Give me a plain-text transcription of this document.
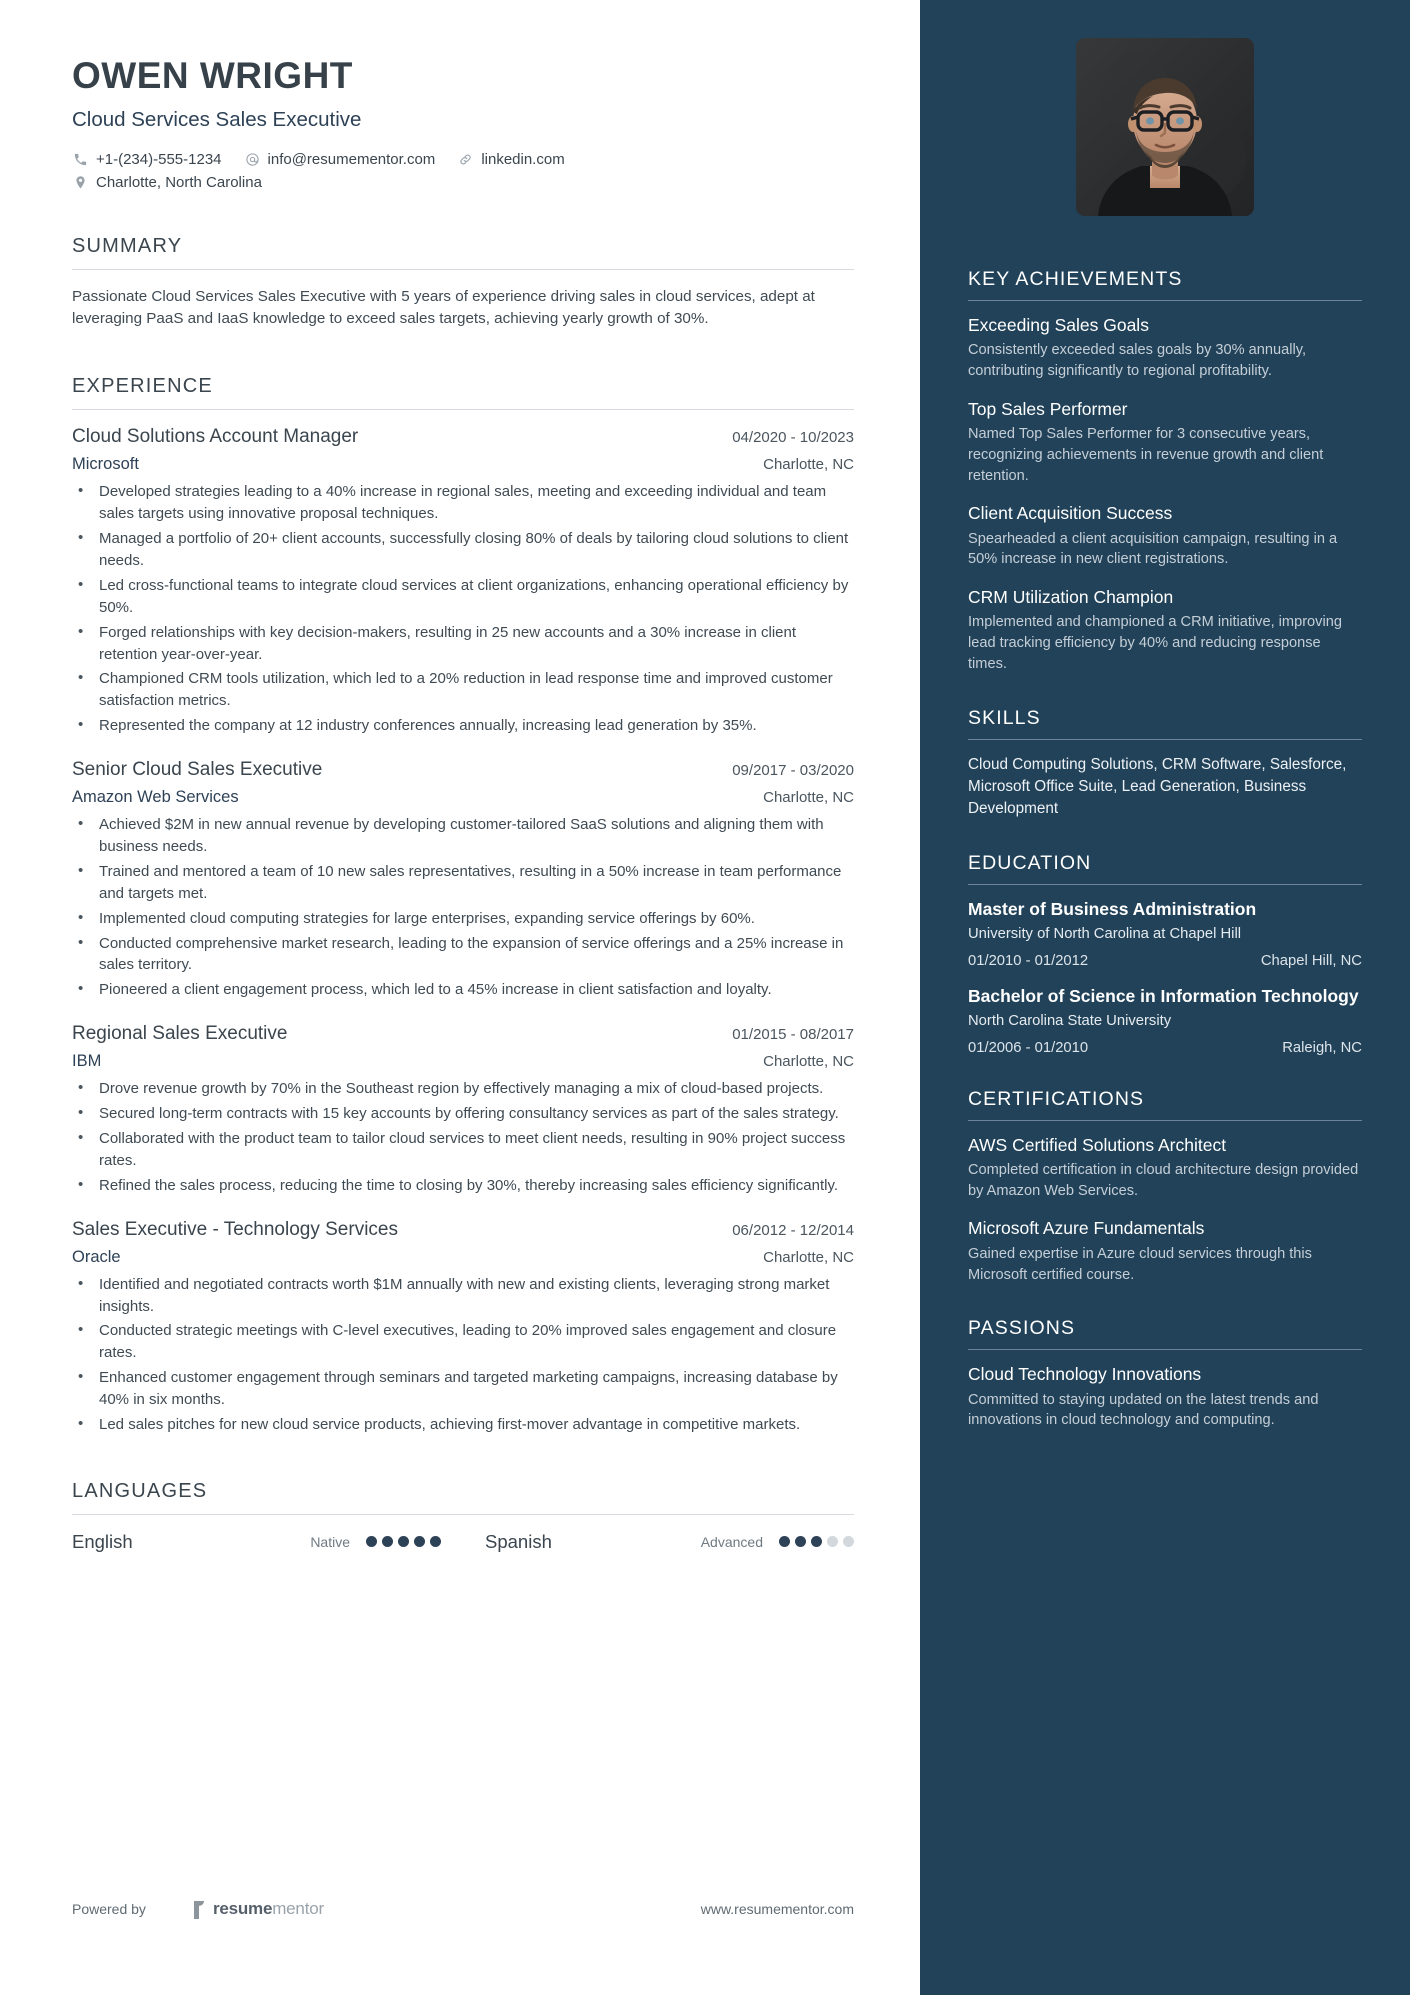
OWEN WRIGHT
Cloud Services Sales Executive
+1-(234)-555-1234	info@resumementor.com	linkedin.com
Charlotte, North Carolina
SUMMARY
Passionate Cloud Services Sales Executive with 5 years of experience driving sales in cloud services, adept at leveraging PaaS and IaaS knowledge to exceed sales targets, achieving yearly growth of 30%.
EXPERIENCE
Cloud Solutions Account Manager	04/2020 - 10/2023
Microsoft	Charlotte, NC
• Developed strategies leading to a 40% increase in regional sales, meeting and exceeding individual and team sales targets using innovative proposal techniques.
• Managed a portfolio of 20+ client accounts, successfully closing 80% of deals by tailoring cloud solutions to client needs.
• Led cross-functional teams to integrate cloud services at client organizations, enhancing operational efficiency by 50%.
• Forged relationships with key decision-makers, resulting in 25 new accounts and a 30% increase in client retention year-over-year.
• Championed CRM tools utilization, which led to a 20% reduction in lead response time and improved customer satisfaction metrics.
• Represented the company at 12 industry conferences annually, increasing lead generation by 35%.
Senior Cloud Sales Executive	09/2017 - 03/2020
Amazon Web Services	Charlotte, NC
• Achieved $2M in new annual revenue by developing customer-tailored SaaS solutions and aligning them with business needs.
• Trained and mentored a team of 10 new sales representatives, resulting in a 50% increase in team performance and targets met.
• Implemented cloud computing strategies for large enterprises, expanding service offerings by 60%.
• Conducted comprehensive market research, leading to the expansion of service offerings and a 25% increase in sales territory.
• Pioneered a client engagement process, which led to a 45% increase in client satisfaction and loyalty.
Regional Sales Executive	01/2015 - 08/2017
IBM	Charlotte, NC
• Drove revenue growth by 70% in the Southeast region by effectively managing a mix of cloud-based projects.
• Secured long-term contracts with 15 key accounts by offering consultancy services as part of the sales strategy.
• Collaborated with the product team to tailor cloud services to meet client needs, resulting in 90% project success rates.
• Refined the sales process, reducing the time to closing by 30%, thereby increasing sales efficiency significantly.
Sales Executive - Technology Services	06/2012 - 12/2014
Oracle	Charlotte, NC
• Identified and negotiated contracts worth $1M annually with new and existing clients, leveraging strong market insights.
• Conducted strategic meetings with C-level executives, leading to 20% improved sales engagement and closure rates.
• Enhanced customer engagement through seminars and targeted marketing campaigns, increasing database by 40% in six months.
• Led sales pitches for new cloud service products, achieving first-mover advantage in competitive markets.
LANGUAGES
English	Native	Spanish	Advanced
Powered by	resume mentor	www.resumementor.com
KEY ACHIEVEMENTS
Exceeding Sales Goals
Consistently exceeded sales goals by 30% annually, contributing significantly to regional profitability.
Top Sales Performer
Named Top Sales Performer for 3 consecutive years, recognizing achievements in revenue growth and client retention.
Client Acquisition Success
Spearheaded a client acquisition campaign, resulting in a 50% increase in new client registrations.
CRM Utilization Champion
Implemented and championed a CRM initiative, improving lead tracking efficiency by 40% and reducing response times.
SKILLS
Cloud Computing Solutions, CRM Software, Salesforce, Microsoft Office Suite, Lead Generation, Business Development
EDUCATION
Master of Business Administration
University of North Carolina at Chapel Hill
01/2010 - 01/2012	Chapel Hill, NC
Bachelor of Science in Information Technology
North Carolina State University
01/2006 - 01/2010	Raleigh, NC
CERTIFICATIONS
AWS Certified Solutions Architect
Completed certification in cloud architecture design provided by Amazon Web Services.
Microsoft Azure Fundamentals
Gained expertise in Azure cloud services through this Microsoft certified course.
PASSIONS
Cloud Technology Innovations
Committed to staying updated on the latest trends and innovations in cloud technology and computing.
